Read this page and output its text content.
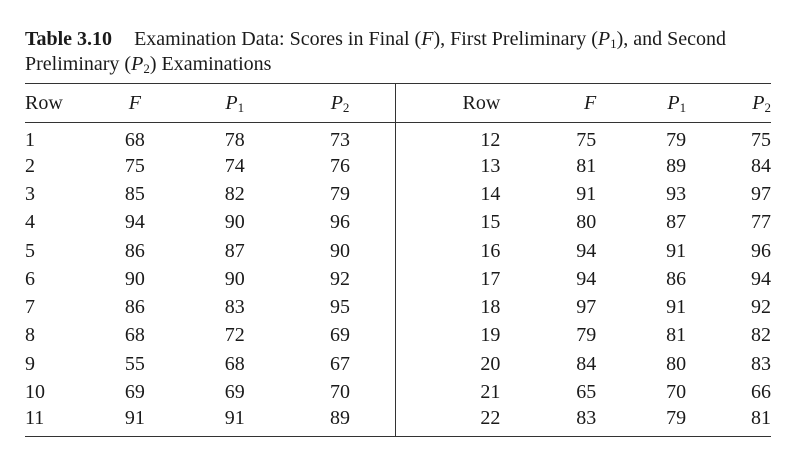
Table 3.10 Examination Data: Scores in Final (F), First Preliminary $(P_1)$, and Second Preliminary $(P_2)$ Examinations
Row	F	$P_1$	$P_2$	Row	F	$P_1$	$P_2$
1	68	78	73	12	75	79	75
2	75	74	76	13	81	89	84
3	85	82	79	14	91	93	97
4	94	90	96	15	80	87	77
5	86	87	90	16	94	91	96
6	90	90	92	17	94	86	94
7	86	83	95	18	97	91	92
8	68	72	69	19	79	81	82
9	55	68	67	20	84	80	83
10	69	69	70	21	65	70	66
11	91	91	89	22	83	79	81
